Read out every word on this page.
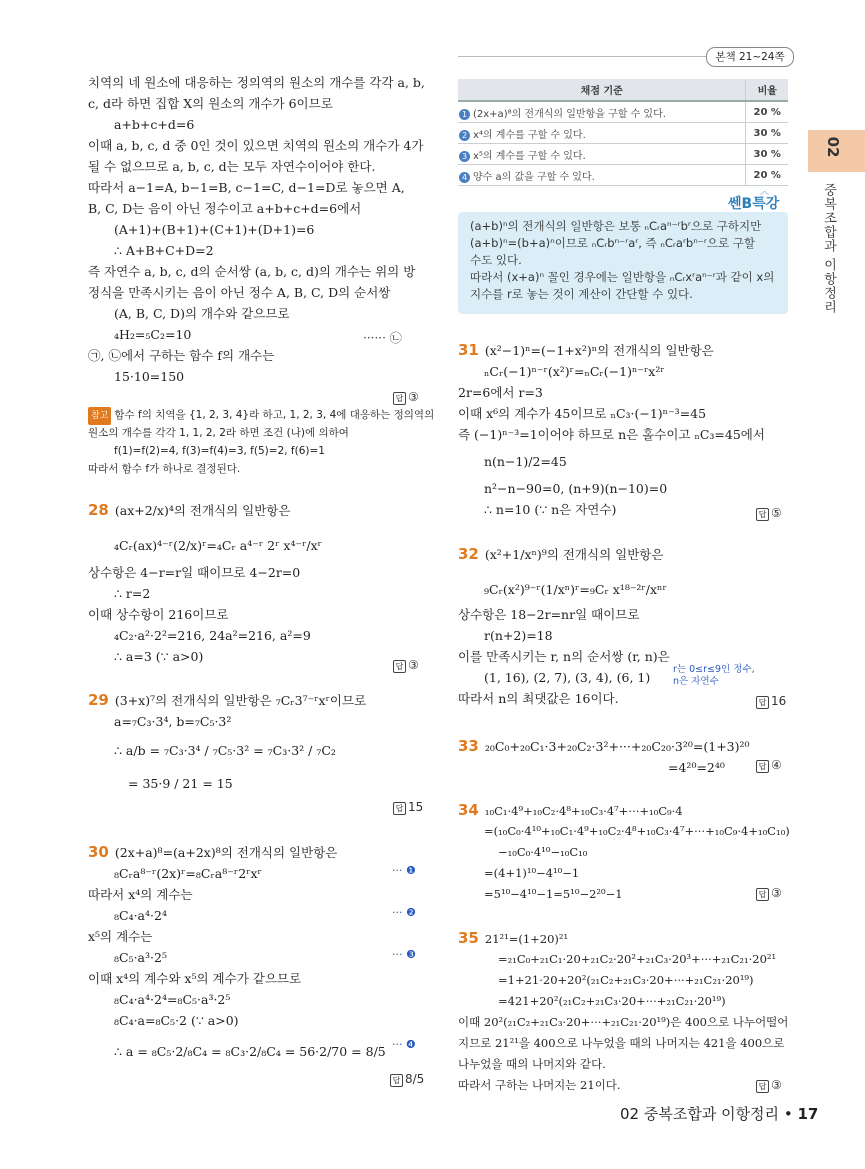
본책 21~24쪽
02
중복조합과 이항정리
치역의 네 원소에 대응하는 정의역의 원소의 개수를 각각 a, b,
c, d라 하면 집합 X의 원소의 개수가 6이므로
a+b+c+d=6
이때 a, b, c, d 중 0인 것이 있으면 치역의 원소의 개수가 4가
될 수 없으므로 a, b, c, d는 모두 자연수이어야 한다.
따라서 a−1=A, b−1=B, c−1=C, d−1=D로 놓으면 A,
B, C, D는 음이 아닌 정수이고 a+b+c+d=6에서
(A+1)+(B+1)+(C+1)+(D+1)=6
∴ A+B+C+D=2
즉 자연수 a, b, c, d의 순서쌍 (a, b, c, d)의 개수는 위의 방
정식을 만족시키는 음이 아닌 정수 A, B, C, D의 순서쌍
(A, B, C, D)의 개수와 같으므로
₄H₂=₅C₂=10
㉠, ㉡에서 구하는 함수 f의 개수는
15·10=150
······ ㉡
답 ③
참고 함수 f의 치역을 {1, 2, 3, 4}라 하고, 1, 2, 3, 4에 대응하는 정의역의
원소의 개수를 각각 1, 1, 2, 2라 하면 조건 (나)에 의하여
f(1)=f(2)=4, f(3)=f(4)=3, f(5)=2, f(6)=1
따라서 함수 f가 하나로 결정된다.
28 (ax+2/x)⁴의 전개식의 일반항은
₄Cᵣ(ax)⁴⁻ʳ(2/x)ʳ=₄Cᵣ a⁴⁻ʳ 2ʳ x⁴⁻ʳ/xʳ
상수항은 4−r=r일 때이므로 4−2r=0
∴ r=2
이때 상수항이 216이므로
₄C₂·a²·2²=216, 24a²=216, a²=9
∴ a=3 (∵ a>0)
답 ③
29 (3+x)⁷의 전개식의 일반항은 ₇Cᵣ3⁷⁻ʳxʳ이므로
a=₇C₃·3⁴, b=₇C₅·3²
∴ a/b = ₇C₃·3⁴ / ₇C₅·3² = ₇C₃·3² / ₇C₂
= 35·9 / 21 = 15
답 15
30 (2x+a)⁸=(a+2x)⁸의 전개식의 일반항은
₈Cᵣa⁸⁻ʳ(2x)ʳ=₈Cᵣa⁸⁻ʳ2ʳxʳ
따라서 x⁴의 계수는
₈C₄·a⁴·2⁴
x⁵의 계수는
₈C₅·a³·2⁵
이때 x⁴의 계수와 x⁵의 계수가 같으므로
₈C₄·a⁴·2⁴=₈C₅·a³·2⁵
₈C₄·a=₈C₅·2 (∵ a>0)
∴ a = ₈C₅·2/₈C₄ = ₈C₃·2/₈C₄ = 56·2/70 = 8/5
··· ❶
··· ❷
··· ❸
··· ❹
답 8/5
채점 기준	비율
1 (2x+a)⁸의 전개식의 일반항을 구할 수 있다.	20 %
2 x⁴의 계수를 구할 수 있다.	30 %
3 x⁵의 계수를 구할 수 있다.	30 %
4 양수 a의 값을 구할 수 있다.	20 %
︿
쎈B특강
(a+b)ⁿ의 전개식의 일반항은 보통 ₙCᵣaⁿ⁻ʳbʳ으로 구하지만
(a+b)ⁿ=(b+a)ⁿ이므로 ₙCᵣbⁿ⁻ʳaʳ, 즉 ₙCᵣaʳbⁿ⁻ʳ으로 구할
수도 있다.
따라서 (x+a)ⁿ 꼴인 경우에는 일반항을 ₙCᵣxʳaⁿ⁻ʳ과 같이 x의
지수를 r로 놓는 것이 계산이 간단할 수 있다.
31 (x²−1)ⁿ=(−1+x²)ⁿ의 전개식의 일반항은
ₙCᵣ(−1)ⁿ⁻ʳ(x²)ʳ=ₙCᵣ(−1)ⁿ⁻ʳx²ʳ
2r=6에서 r=3
이때 x⁶의 계수가 45이므로 ₙC₃·(−1)ⁿ⁻³=45
즉 (−1)ⁿ⁻³=1이어야 하므로 n은 홀수이고 ₙC₃=45에서
n(n−1)/2=45
n²−n−90=0, (n+9)(n−10)=0
∴ n=10 (∵ n은 자연수)	답 ⑤
32 (x²+1/xⁿ)⁹의 전개식의 일반항은
₉Cᵣ(x²)⁹⁻ʳ(1/xⁿ)ʳ=₉Cᵣ x¹⁸⁻²ʳ/xⁿʳ
상수항은 18−2r=nr일 때이므로
r(n+2)=18
이를 만족시키는 r, n의 순서쌍 (r, n)은
(1, 16), (2, 7), (3, 4), (6, 1)
따라서 n의 최댓값은 16이다.
r는 0≤r≤9인 정수,
n은 자연수
답 16
33 ₂₀C₀+₂₀C₁·3+₂₀C₂·3²+···+₂₀C₂₀·3²⁰=(1+3)²⁰
=4²⁰=2⁴⁰	답 ④
34 ₁₀C₁·4⁹+₁₀C₂·4⁸+₁₀C₃·4⁷+···+₁₀C₉·4
=(₁₀C₀·4¹⁰+₁₀C₁·4⁹+₁₀C₂·4⁸+₁₀C₃·4⁷+···+₁₀C₉·4+₁₀C₁₀)
−₁₀C₀·4¹⁰−₁₀C₁₀
=(4+1)¹⁰−4¹⁰−1
=5¹⁰−4¹⁰−1=5¹⁰−2²⁰−1	답 ③
35 21²¹=(1+20)²¹
=₂₁C₀+₂₁C₁·20+₂₁C₂·20²+₂₁C₃·20³+···+₂₁C₂₁·20²¹
=1+21·20+20²(₂₁C₂+₂₁C₃·20+···+₂₁C₂₁·20¹⁹)
=421+20²(₂₁C₂+₂₁C₃·20+···+₂₁C₂₁·20¹⁹)
이때 20²(₂₁C₂+₂₁C₃·20+···+₂₁C₂₁·20¹⁹)은 400으로 나누어떨어
지므로 21²¹을 400으로 나누었을 때의 나머지는 421을 400으로
나누었을 때의 나머지와 같다.
따라서 구하는 나머지는 21이다.	답 ③
02 중복조합과 이항정리 • 17
